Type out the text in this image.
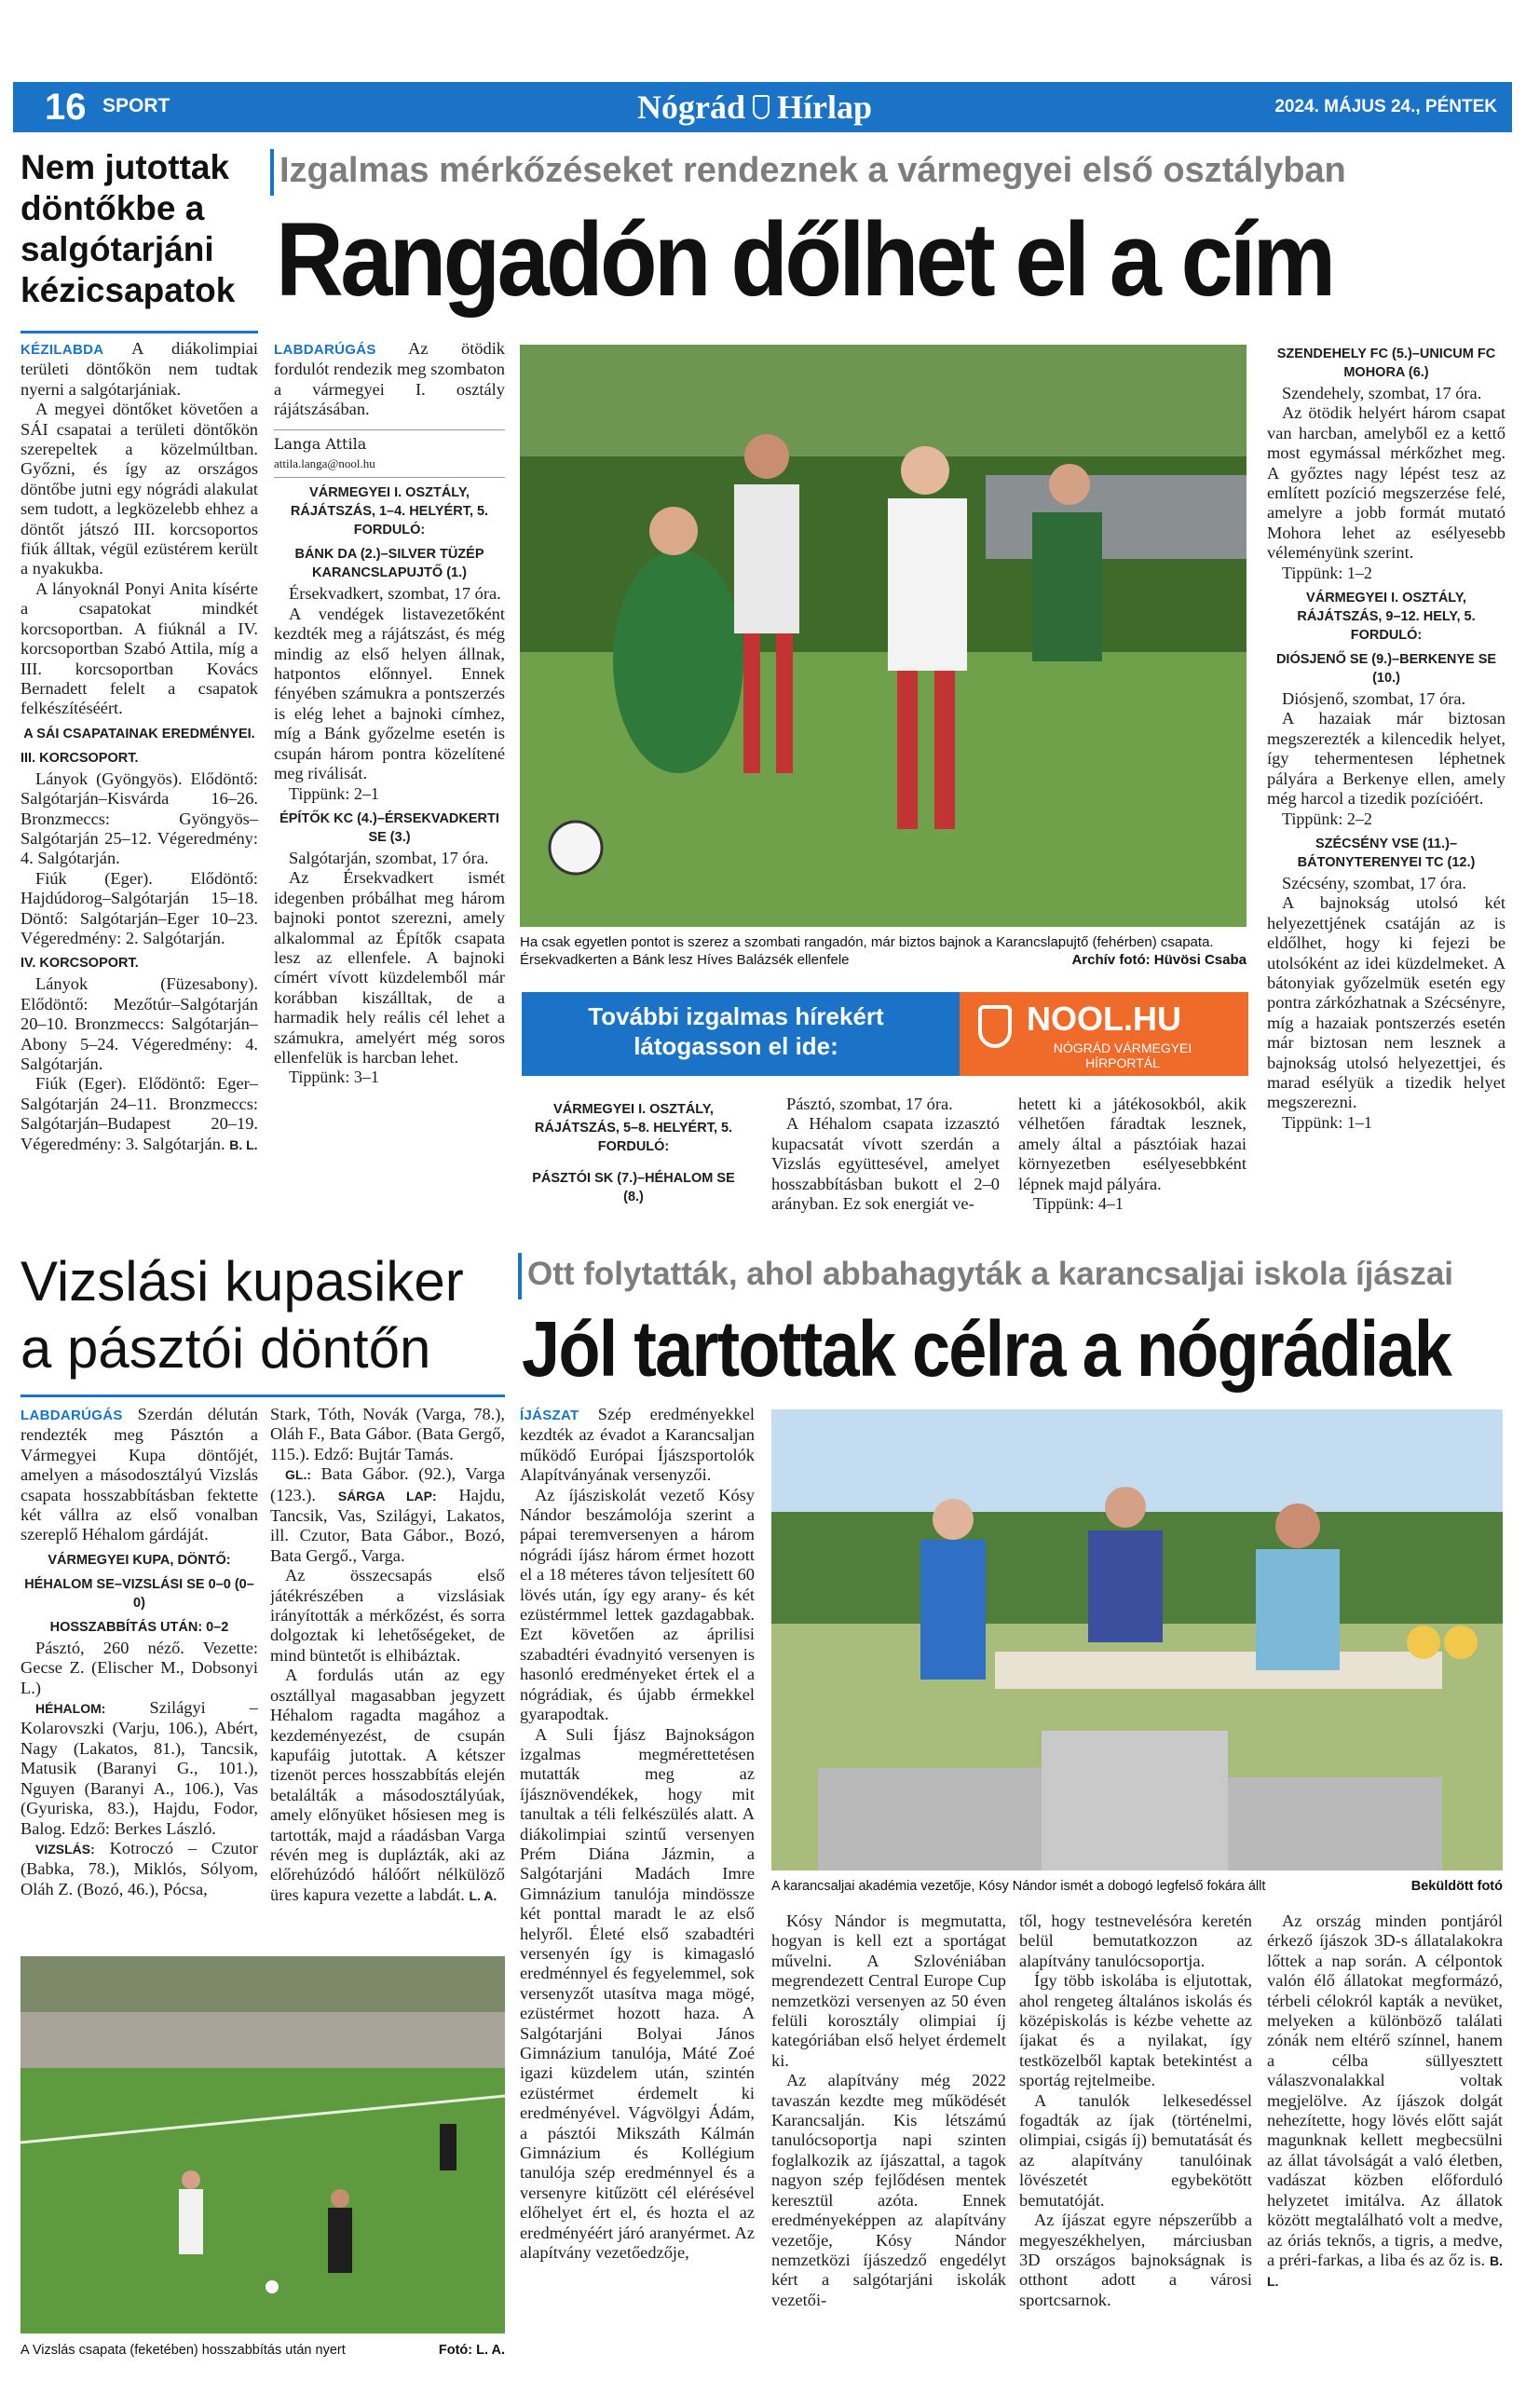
16 SPORT	Nógrád Hírlap	2024. MÁJUS 24., PÉNTEK
Nem jutottak döntőkbe a salgótarjáni kézicsapatok

KÉZILABDA A diákolimpiai területi döntőkön nem tudtak nyerni a salgótarjániak.

A megyei döntőket követően a SÁI csapatai a területi döntőkön szerepeltek a közelmúltban. Győzni, és így az országos döntőbe jutni egy nógrádi alakulat sem tudott, a legközelebb ehhez a döntőt játszó III. korcsoportos fiúk álltak, végül ezüstérem került a nyakukba.

A lányoknál Ponyi Anita kísérte a csapatokat mindkét korcsoportban. A fiúknál a IV. korcsoportban Szabó Attila, míg a III. korcsoportban Kovács Bernadett felelt a csapatok felkészítéséért.

A SÁI CSAPATAINAK EREDMÉNYEI.
III. KORCSOPORT.

Lányok (Gyöngyös). Elődöntő: Salgótarján–Kisvárda 16–26. Bronzmeccs: Gyöngyös–Salgótarján 25–12. Végeredmény: 4. Salgótarján.

Fiúk (Eger). Elődöntő: Hajdúdorog–Salgótarján 15–18. Döntő: Salgótarján–Eger 10–23. Végeredmény: 2. Salgótarján.

IV. KORCSOPORT.

Lányok (Füzesabony). Elődöntő: Mezőtúr–Salgótarján 20–10. Bronzmeccs: Salgótarján–Abony 5–24. Végeredmény: 4. Salgótarján.

Fiúk (Eger). Elődöntő: Eger–Salgótarján 24–11. Bronzmeccs: Salgótarján–Budapest 20–19. Végeredmény: 3. Salgótarján. B. L.

Izgalmas mérkőzéseket rendeznek a vármegyei első osztályban
Rangadón dőlhet el a cím

LABDARÚGÁS Az ötödik fordulót rendezik meg szombaton a vármegyei I. osztály rájátszásában.

Langa Attila
attila.langa@nool.hu
VÁRMEGYEI I. OSZTÁLY, RÁJÁTSZÁS, 1–4. HELYÉRT, 5. FORDULÓ:
BÁNK DA (2.)–SILVER TÜZÉP KARANCSLAPUJTŐ (1.)

Érsekvadkert, szombat, 17 óra.

A vendégek listavezetőként kezdték meg a rájátszást, és még mindig az első helyen állnak, hatpontos előnnyel. Ennek fényében számukra a pontszerzés is elég lehet a bajnoki címhez, míg a Bánk győzelme esetén is csupán három pontra közelítené meg riválisát.

Tippünk: 2–1

ÉPÍTŐK KC (4.)–ÉRSEKVADKERTI SE (3.)

Salgótarján, szombat, 17 óra.

Az Érsekvadkert ismét idegenben próbálhat meg három bajnoki pontot szerezni, amely alkalommal az Építők csapata lesz az ellenfele. A bajnoki címért vívott küzdelemből már korábban kiszálltak, de a harmadik hely reális cél lehet a számukra, amelyért még soros ellenfelük is harcban lehet.

Tippünk: 3–1

Ha csak egyetlen pontot is szerez a szombati rangadón, már biztos bajnok a Karancslapujtő (fehérben) csapata. Érsekvadkerten a Bánk lesz Híves Balázsék ellenfele	Archív fotó: Hüvösi Csaba
További izgalmas hírekért
látogasson el ide:
NOOL.HU
NÓGRÁD VÁRMEGYEI
HÍRPORTÁL
VÁRMEGYEI I. OSZTÁLY, RÁJÁTSZÁS, 5–8. HELYÉRT, 5. FORDULÓ:
PÁSZTÓI SK (7.)–HÉHALOM SE (8.)

Pásztó, szombat, 17 óra.

A Héhalom csapata izzasztó kupacsatát vívott szerdán a Vizslás együttesével, amelyet hosszabbításban bukott el 2–0 arányban. Ez sok energiát ve-

hetett ki a játékosokból, akik vélhetően fáradtak lesznek, amely által a pásztóiak hazai környezetben esélyesebbként lépnek majd pályára.

Tippünk: 4–1

SZENDEHELY FC (5.)–UNICUM FC MOHORA (6.)

Szendehely, szombat, 17 óra.

Az ötödik helyért három csapat van harcban, amelyből ez a kettő most egymással mérkőzhet meg. A győztes nagy lépést tesz az említett pozíció megszerzése felé, amelyre a jobb formát mutató Mohora lehet az esélyesebb véleményünk szerint.

Tippünk: 1–2

VÁRMEGYEI I. OSZTÁLY, RÁJÁTSZÁS, 9–12. HELY, 5. FORDULÓ:
DIÓSJENŐ SE (9.)–BERKENYE SE (10.)

Diósjenő, szombat, 17 óra.

A hazaiak már biztosan megszerezték a kilencedik helyet, így tehermentesen léphetnek pályára a Berkenye ellen, amely még harcol a tizedik pozícióért.

Tippünk: 2–2

SZÉCSÉNY VSE (11.)–BÁTONYTERENYEI TC (12.)

Szécsény, szombat, 17 óra.

A bajnokság utolsó két helyezettjének csatáján az is eldőlhet, hogy ki fejezi be utolsóként az idei küzdelmeket. A bátonyiak győzelmük esetén egy pontra zárkózhatnak a Szécsényre, míg a hazaiak pontszerzés esetén már biztosan nem lesznek a bajnokság utolsó helyezettjei, és marad esélyük a tizedik helyet megszerezni.

Tippünk: 1–1

Vizslási kupasiker
a pásztói döntőn

LABDARÚGÁS Szerdán délután rendezték meg Pásztón a Vármegyei Kupa döntőjét, amelyen a másodosztályú Vizslás csapata hosszabbításban fektette két vállra az első vonalban szereplő Héhalom gárdáját.

VÁRMEGYEI KUPA, DÖNTŐ:
HÉHALOM SE–VIZSLÁSI SE 0–0 (0–0)
HOSSZABBÍTÁS UTÁN: 0–2

Pásztó, 260 néző. Vezette: Gecse Z. (Elischer M., Dobsonyi L.)

HÉHALOM:	Szilágyi – Kolarovszki (Varju, 106.), Abért, Nagy (Lakatos, 81.), Tancsik, Matusik (Baranyi G., 101.), Nguyen (Baranyi A., 106.), Vas (Gyuriska, 83.), Hajdu, Fodor, Balog. Edző: Berkes László.

VIZSLÁS: Kotroczó – Czutor (Babka, 78.), Miklós, Sólyom, Oláh Z. (Bozó, 46.), Pócsa,

Stark, Tóth, Novák (Varga, 78.), Oláh F., Bata Gábor. (Bata Gergő, 115.). Edző: Bujtár Tamás.

GL.: Bata Gábor. (92.), Varga (123.). SÁRGA LAP: Hajdu, Tancsik, Vas, Szilágyi, Lakatos, ill. Czutor, Bata Gábor., Bozó, Bata Gergő., Varga.

Az összecsapás első játékrészében a vizslásiak irányították a mérkőzést, és sorra dolgoztak ki lehetőségeket, de mind büntetőt is elhibáztak.

A fordulás után az egy osztállyal magasabban jegyzett Héhalom ragadta magához a kezdeményezést, de csupán kapufáig jutottak. A kétszer tizenöt perces hosszabbítás elején betalálták a másodosztályúak, amely előnyüket hősiesen meg is tartották, majd a ráadásban Varga révén meg is duplázták, aki az előrehúzódó hálóőrt nélkülöző üres kapura vezette a labdát. L. A.

A Vizslás csapata (feketében) hosszabbítás után nyert	Fotó: L. A.
Ott folytatták, ahol abbahagyták a karancsaljai iskola íjászai
Jól tartottak célra a nógrádiak

ÍJÁSZAT Szép eredményekkel kezdték az évadot a Karancsaljan működő Európai Íjászsportolók Alapítványának versenyzői.

Az íjásziskolát vezető Kósy Nándor beszámolója szerint a pápai teremversenyen a három nógrádi íjász három érmet hozott el a 18 méteres távon teljesített 60 lövés után, így egy arany- és két ezüstérmmel lettek gazdagabbak. Ezt követően az áprilisi szabadtéri évadnyitó versenyen is hasonló eredményeket értek el a nógrádiak, és újabb érmekkel gyarapodtak.

A Suli Íjász Bajnokságon izgalmas megmérettetésen mutatták meg az íjásznövendékek, hogy mit tanultak a téli felkészülés alatt. A diákolimpiai szintű versenyen Prém Diána Jázmin, a Salgótarjáni Madách Imre Gimnázium tanulója mindössze két ponttal maradt le az első helyről. Életé első szabadtéri versenyén így is kimagasló eredménnyel és fegyelemmel, sok versenyzőt utasítva maga mögé, ezüstérmet hozott haza. A Salgótarjáni Bolyai János Gimnázium tanulója, Máté Zoé igazi küzdelem után, szintén ezüstérmet érdemelt ki eredményével. Vágvölgyi Ádám, a pásztói Mikszáth Kálmán Gimnázium és Kollégium tanulója szép eredménnyel és a versenyre kitűzött cél elérésével előhelyet ért el, és hozta el az eredményéért járó aranyérmet. Az alapítvány vezetőedzője,

A karancsaljai akadémia vezetője, Kósy Nándor ismét a dobogó legfelső fokára állt	Beküldött fotó

Kósy Nándor is megmutatta, hogyan is kell ezt a sportágat művelni. A Szlovéniában megrendezett Central Europe Cup nemzetközi versenyen az 50 éven felüli korosztály olimpiai íj kategóriában első helyet érdemelt ki.

Az alapítvány még 2022 tavaszán kezdte meg működését Karancsalján. Kis létszámú tanulócsoportja napi szinten foglalkozik az íjászattal, a tagok nagyon szép fejlődésen mentek keresztül azóta. Ennek eredményeképpen az alapítvány vezetője, Kósy Nándor nemzetközi íjászedző engedélyt kért a salgótarjáni iskolák vezetői-

től, hogy testnevelésóra keretén belül bemutatkozzon az alapítvány tanulócsoportja.

Így több iskolába is eljutottak, ahol rengeteg általános iskolás és középiskolás is kézbe vehette az íjakat és a nyilakat, így testközelből kaptak betekintést a sportág rejtelmeibe.

A tanulók lelkesedéssel fogadták az íjak (történelmi, olimpiai, csigás íj) bemutatását és az alapítvány tanulóinak lövészetét egybekötött bemutatóját.

Az íjászat egyre népszerűbb a megyeszékhelyen, márciusban 3D országos bajnokságnak is otthont adott a városi sportcsarnok.

Az ország minden pontjáról érkező íjászok 3D-s állatalakokra lőttek a nap során. A célpontok valón élő állatokat megformázó, térbeli célokról kapták a nevüket, melyeken a különböző találati zónák nem eltérő színnel, hanem a célba süllyesztett válaszvonalakkal voltak megjelölve. Az íjászok dolgát nehezítette, hogy lövés előtt saját magunknak kellett megbecsülni az állat távolságát a való életben, vadászat közben előforduló helyzetet imitálva. Az állatok között megtalálható volt a medve, az óriás teknős, a tigris, a medve, a préri-farkas, a liba és az őz is. B. L.
